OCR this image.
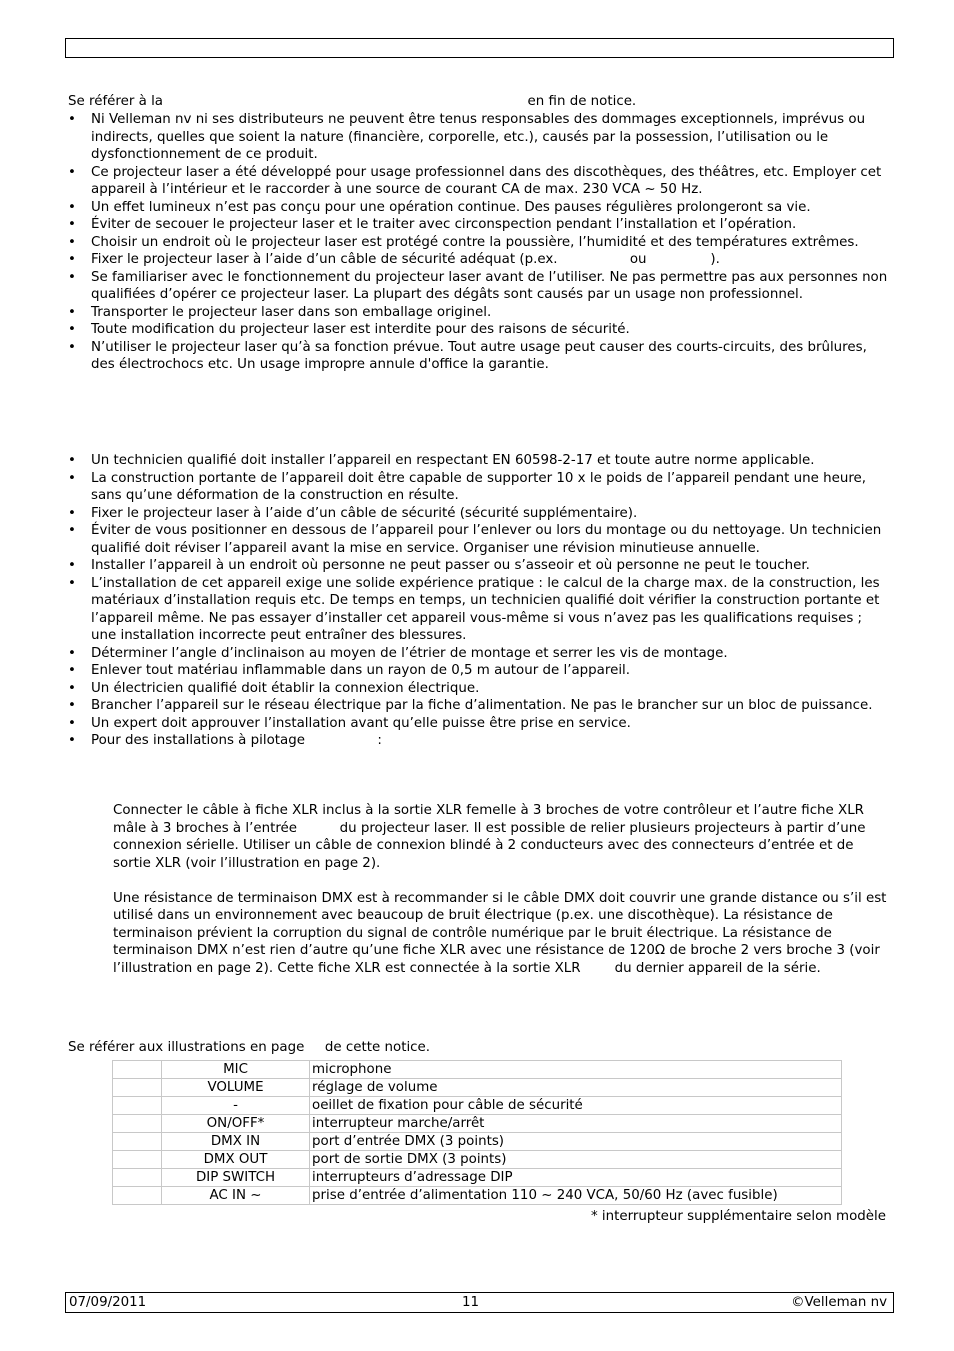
Se référer à la	en fin de notice.
• Ni Velleman nv ni ses distributeurs ne peuvent être tenus responsables des dommages exceptionnels, imprévus ou indirects, quelles que soient la nature (financière, corporelle, etc.), causés par la possession, l’utilisation ou le dysfonctionnement de ce produit.
• Ce projecteur laser a été développé pour usage professionnel dans des discothèques, des théâtres, etc. Employer cet appareil à l’intérieur et le raccorder à une source de courant CA de max. 230 VCA ~ 50 Hz.
• Un effet lumineux n’est pas conçu pour une opération continue. Des pauses régulières prolongeront sa vie.
• Éviter de secouer le projecteur laser et le traiter avec circonspection pendant l’installation et l’opération.
• Choisir un endroit où le projecteur laser est protégé contre la poussière, l’humidité et des températures extrêmes.
• Fixer le projecteur laser à l’aide d’un câble de sécurité adéquat (p.ex.                 ou               ).
• Se familiariser avec le fonctionnement du projecteur laser avant de l’utiliser. Ne pas permettre pas aux personnes non qualifiées d’opérer ce projecteur laser. La plupart des dégâts sont causés par un usage non professionnel.
• Transporter le projecteur laser dans son emballage originel.
• Toute modification du projecteur laser est interdite pour des raisons de sécurité.
• N’utiliser le projecteur laser qu’à sa fonction prévue. Tout autre usage peut causer des courts-circuits, des brûlures, des électrochocs etc. Un usage impropre annule d'office la garantie.
• Un technicien qualifié doit installer l’appareil en respectant EN 60598-2-17 et toute autre norme applicable.
• La construction portante de l’appareil doit être capable de supporter 10 x le poids de l’appareil pendant une heure, sans qu’une déformation de la construction en résulte.
• Fixer le projecteur laser à l’aide d’un câble de sécurité (sécurité supplémentaire).
• Éviter de vous positionner en dessous de l’appareil pour l’enlever ou lors du montage ou du nettoyage. Un technicien qualifié doit réviser l’appareil avant la mise en service. Organiser une révision minutieuse annuelle.
• Installer l’appareil à un endroit où personne ne peut passer ou s’asseoir et où personne ne peut le toucher.
• L’installation de cet appareil exige une solide expérience pratique : le calcul de la charge max. de la construction, les matériaux d’installation requis etc. De temps en temps, un technicien qualifié doit vérifier la construction portante et l’appareil même. Ne pas essayer d’installer cet appareil vous-même si vous n’avez pas les qualifications requises ; une installation incorrecte peut entraîner des blessures.
• Déterminer l’angle d’inclinaison au moyen de l’étrier de montage et serrer les vis de montage.
• Enlever tout matériau inflammable dans un rayon de 0,5 m autour de l’appareil.
• Un électricien qualifié doit établir la connexion électrique.
• Brancher l’appareil sur le réseau électrique par la fiche d’alimentation. Ne pas le brancher sur un bloc de puissance.
• Un expert doit approuver l’installation avant qu’elle puisse être prise en service.
• Pour des installations à pilotage                 :

Connecter le câble à fiche XLR inclus à la sortie XLR femelle à 3 broches de votre contrôleur et l’autre fiche XLR mâle à 3 broches à l’entrée          du projecteur laser. Il est possible de relier plusieurs projecteurs à partir d’une connexion sérielle. Utiliser un câble de connexion blindé à 2 conducteurs avec des connecteurs d’entrée et de sortie XLR (voir l’illustration en page 2).

Une résistance de terminaison DMX est à recommander si le câble DMX doit couvrir une grande distance ou s’il est utilisé dans un environnement avec beaucoup de bruit électrique (p.ex. une discothèque). La résistance de terminaison prévient la corruption du signal de contrôle numérique par le bruit électrique. La résistance de terminaison DMX n’est rien d’autre qu’une fiche XLR avec une résistance de 120Ω de broche 2 vers broche 3 (voir l’illustration en page 2). Cette fiche XLR est connectée à la sortie XLR        du dernier appareil de la série.

Se référer aux illustrations en page de cette notice.
	MIC	microphone
	VOLUME	réglage de volume
	-	oeillet de fixation pour câble de sécurité
	ON/OFF*	interrupteur marche/arrêt
	DMX IN	port d’entrée DMX (3 points)
	DMX OUT	port de sortie DMX (3 points)
	DIP SWITCH	interrupteurs d’adressage DIP
	AC IN ~	prise d’entrée d’alimentation 110 ~ 240 VCA, 50/60 Hz (avec fusible)
* interrupteur supplémentaire selon modèle
07/09/2011	11	©Velleman nv
